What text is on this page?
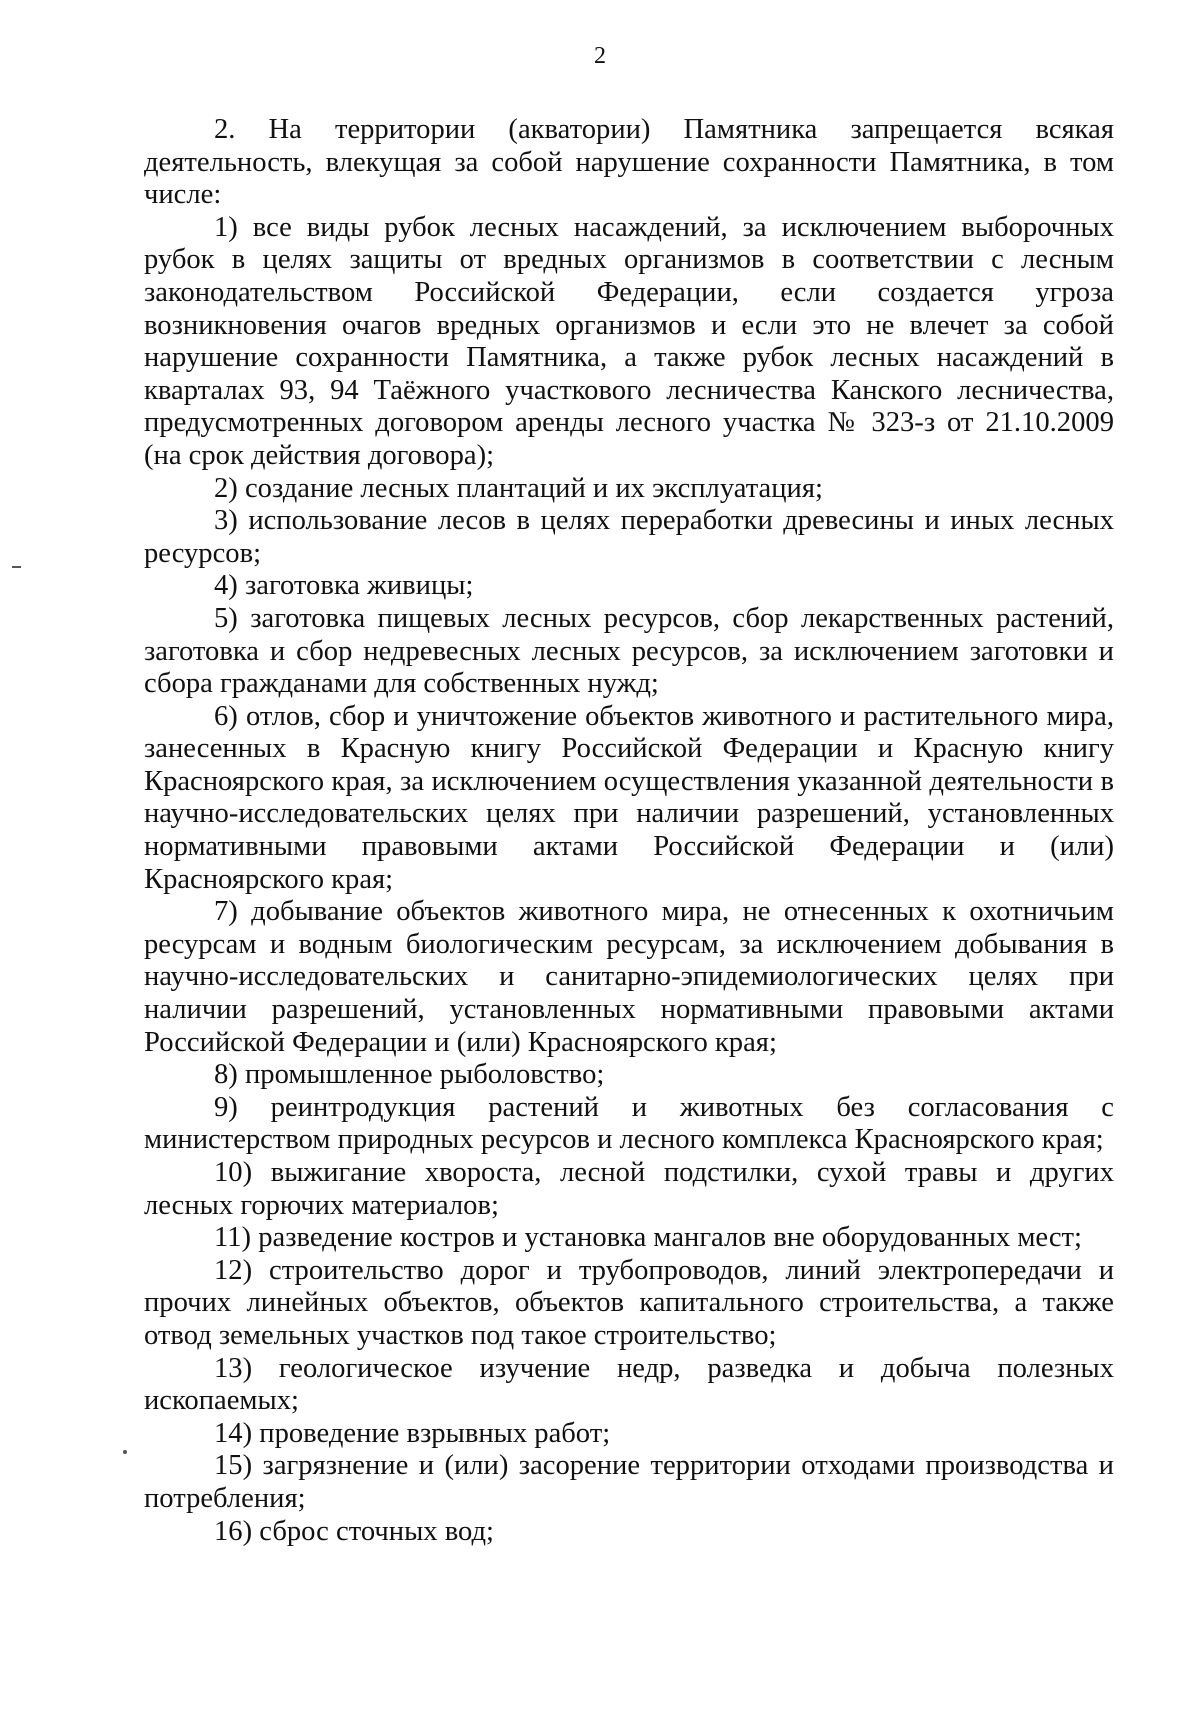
2

2. На территории (акватории) Памятника запрещается всякая деятельность, влекущая за собой нарушение сохранности Памятника, в том числе:

1) все виды рубок лесных насаждений, за исключением выборочных рубок в целях защиты от вредных организмов в соответствии с лесным законодательством Российской Федерации, если создается угроза возникновения очагов вредных организмов и если это не влечет за собой нарушение сохранности Памятника, а также рубок лесных насаждений в кварталах 93, 94 Таёжного участкового лесничества Канского лесничества, предусмотренных договором аренды лесного участка № 323-з от 21.10.2009 (на срок действия договора);

2) создание лесных плантаций и их эксплуатация;

3) использование лесов в целях переработки древесины и иных лесных ресурсов;

4) заготовка живицы;

5) заготовка пищевых лесных ресурсов, сбор лекарственных растений, заготовка и сбор недревесных лесных ресурсов, за исключением заготовки и сбора гражданами для собственных нужд;

6) отлов, сбор и уничтожение объектов животного и растительного мира, занесенных в Красную книгу Российской Федерации и Красную книгу Красноярского края, за исключением осуществления указанной деятельности в научно-исследовательских целях при наличии разрешений, установленных нормативными правовыми актами Российской Федерации и (или) Красноярского края;

7) добывание объектов животного мира, не отнесенных к охотничьим ресурсам и водным биологическим ресурсам, за исключением добывания в научно-исследовательских и санитарно-эпидемиологических целях при наличии разрешений, установленных нормативными правовыми актами Российской Федерации и (или) Красноярского края;

8) промышленное рыболовство;

9) реинтродукция растений и животных без согласования с министерством природных ресурсов и лесного комплекса Красноярского края;

10) выжигание хвороста, лесной подстилки, сухой травы и других лесных горючих материалов;

11) разведение костров и установка мангалов вне оборудованных мест;

12) строительство дорог и трубопроводов, линий электропередачи и прочих линейных объектов, объектов капитального строительства, а также отвод земельных участков под такое строительство;

13) геологическое изучение недр, разведка и добыча полезных ископаемых;

14) проведение взрывных работ;

15) загрязнение и (или) засорение территории отходами производства и потребления;

16) сброс сточных вод;
